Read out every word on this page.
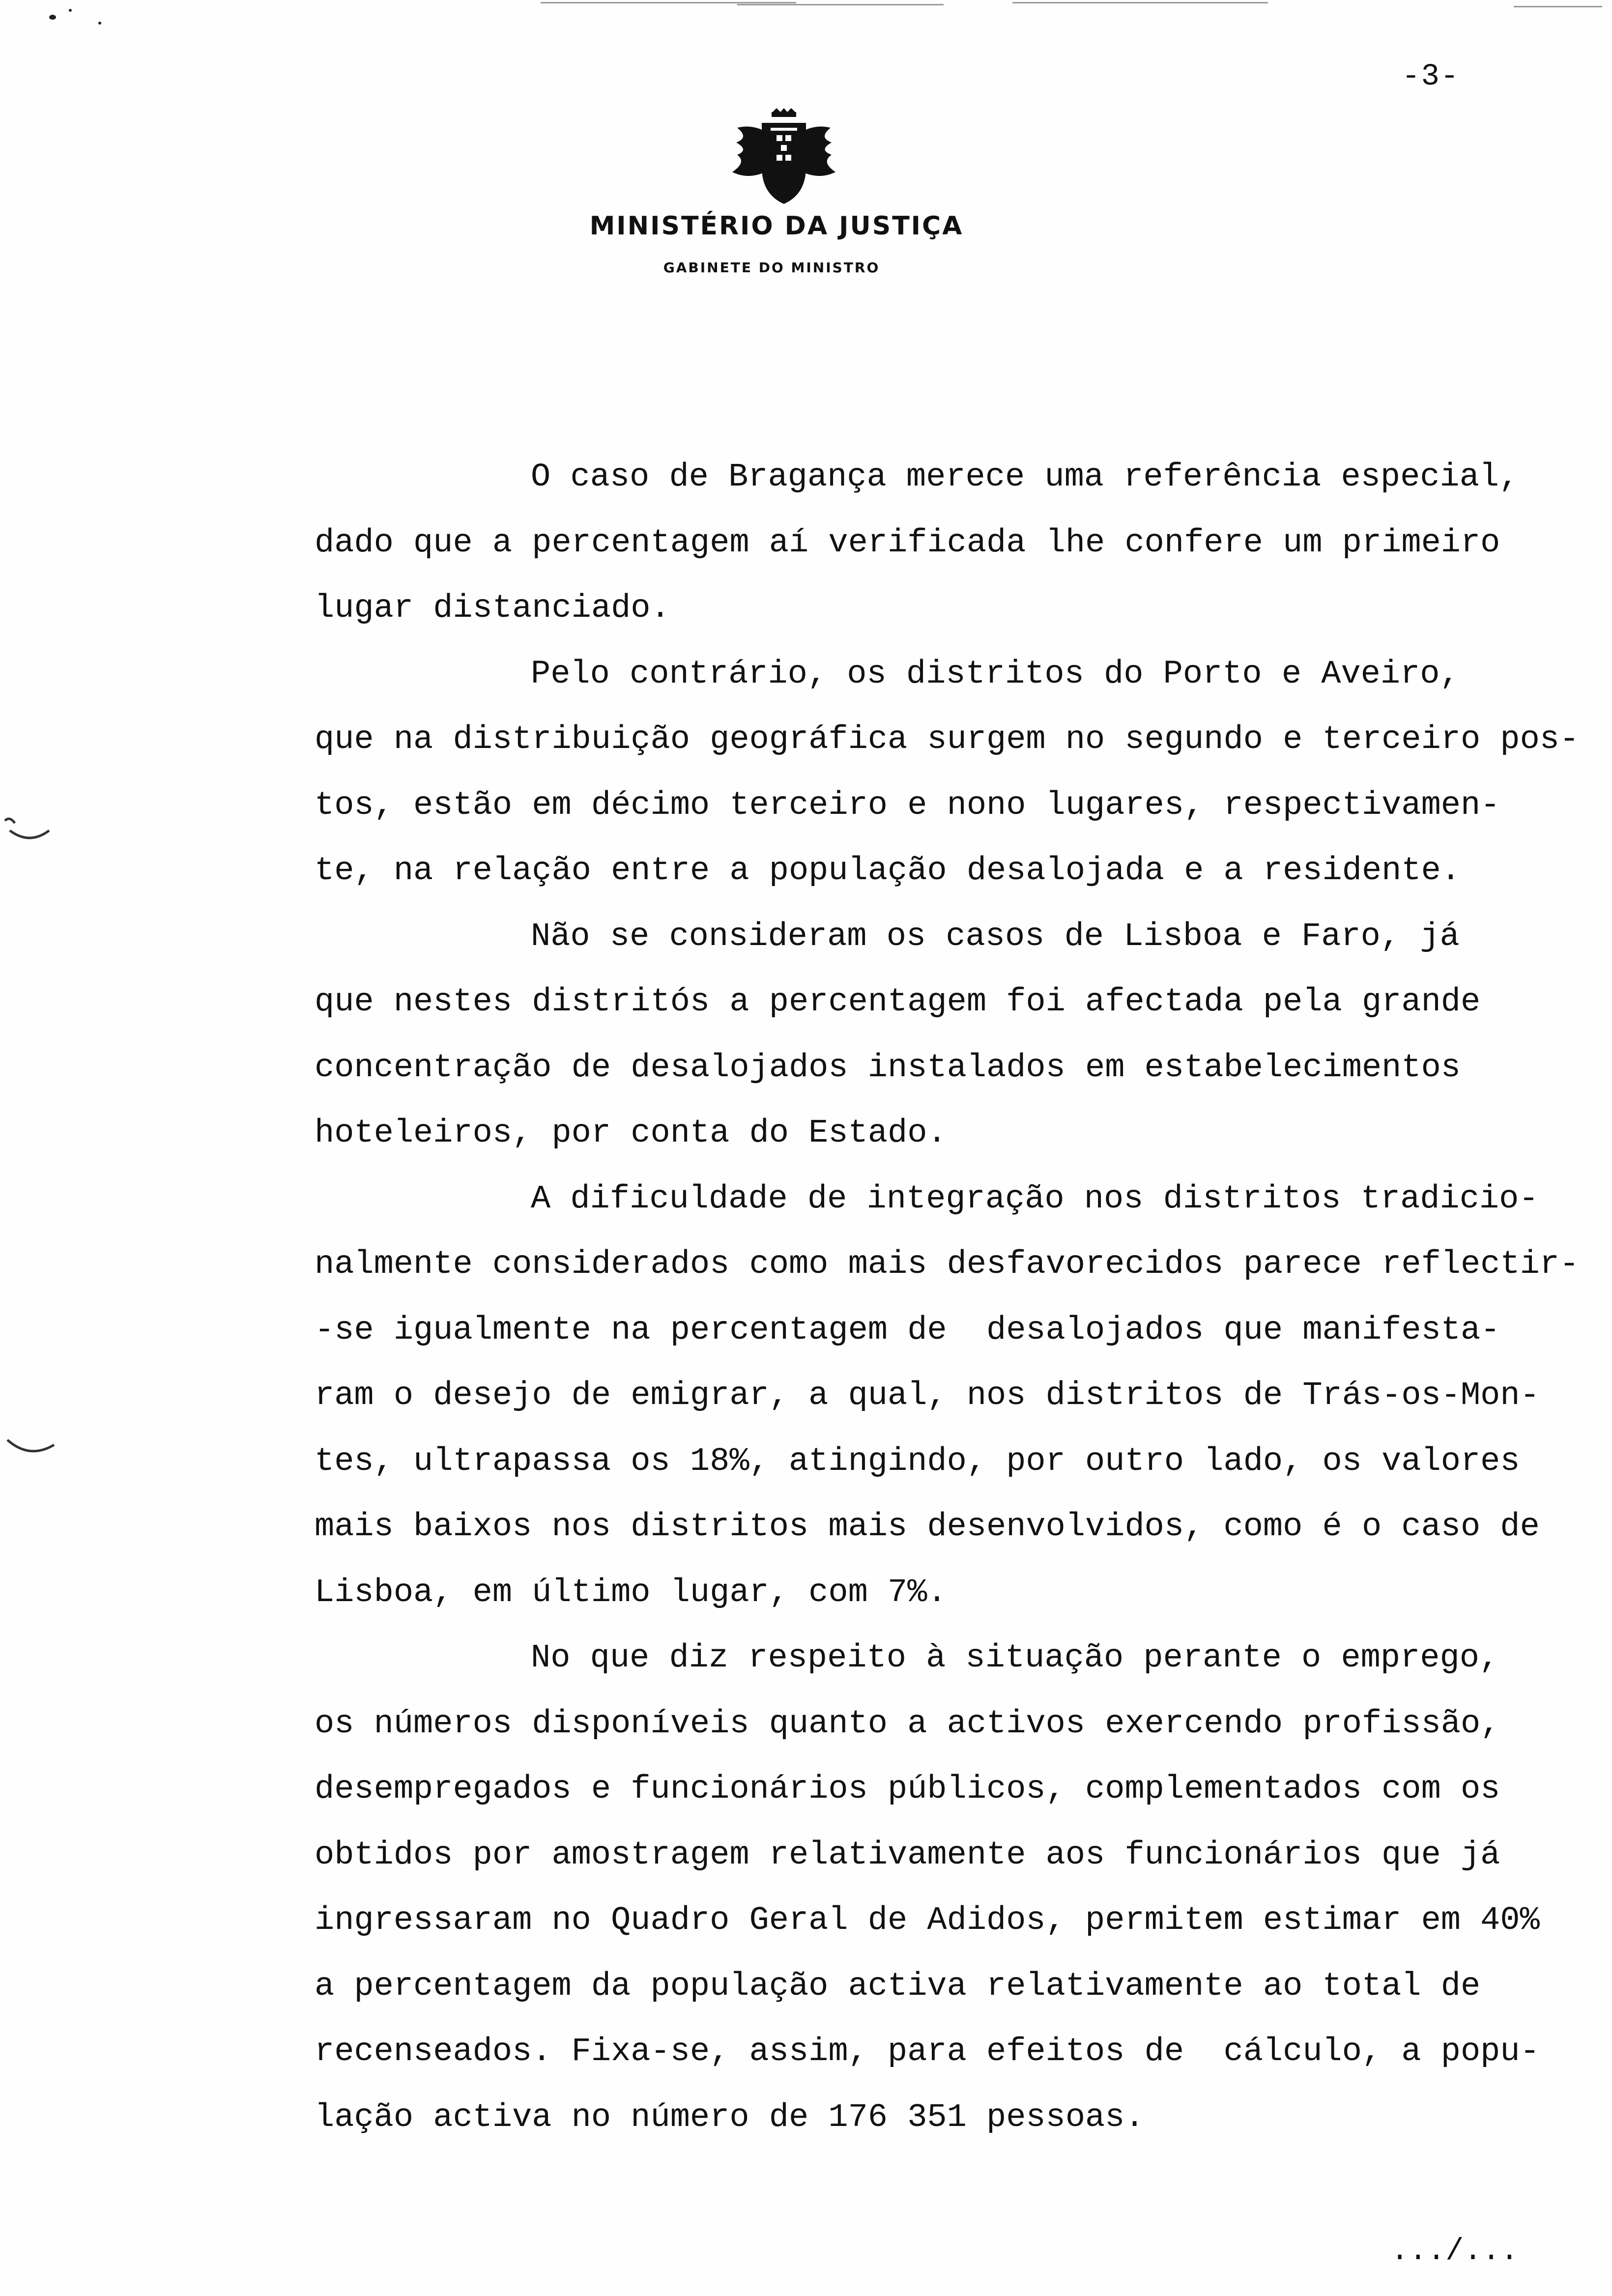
-3-
MINISTÉRIO DA JUSTIÇA
GABINETE DO MINISTRO
O caso de Bragança merece uma referência especial,
dado que a percentagem aí verificada lhe confere um primeiro
lugar distanciado.
Pelo contrário, os distritos do Porto e Aveiro,
que na distribuição geográfica surgem no segundo e terceiro pos-
tos, estão em décimo terceiro e nono lugares, respectivamen-
te, na relação entre a população desalojada e a residente.
Não se consideram os casos de Lisboa e Faro, já
que nestes distritós a percentagem foi afectada pela grande
concentração de desalojados instalados em estabelecimentos
hoteleiros, por conta do Estado.
A dificuldade de integração nos distritos tradicio-
nalmente considerados como mais desfavorecidos parece reflectir-
-se igualmente na percentagem de  desalojados que manifesta-
ram o desejo de emigrar, a qual, nos distritos de Trás-os-Mon-
tes, ultrapassa os 18%, atingindo, por outro lado, os valores
mais baixos nos distritos mais desenvolvidos, como é o caso de
Lisboa, em último lugar, com 7%.
No que diz respeito à situação perante o emprego,
os números disponíveis quanto a activos exercendo profissão,
desempregados e funcionários públicos, complementados com os
obtidos por amostragem relativamente aos funcionários que já
ingressaram no Quadro Geral de Adidos, permitem estimar em 40%
a percentagem da população activa relativamente ao total de
recenseados. Fixa-se, assim, para efeitos de  cálculo, a popu-
lação activa no número de 176 351 pessoas.
.../...
